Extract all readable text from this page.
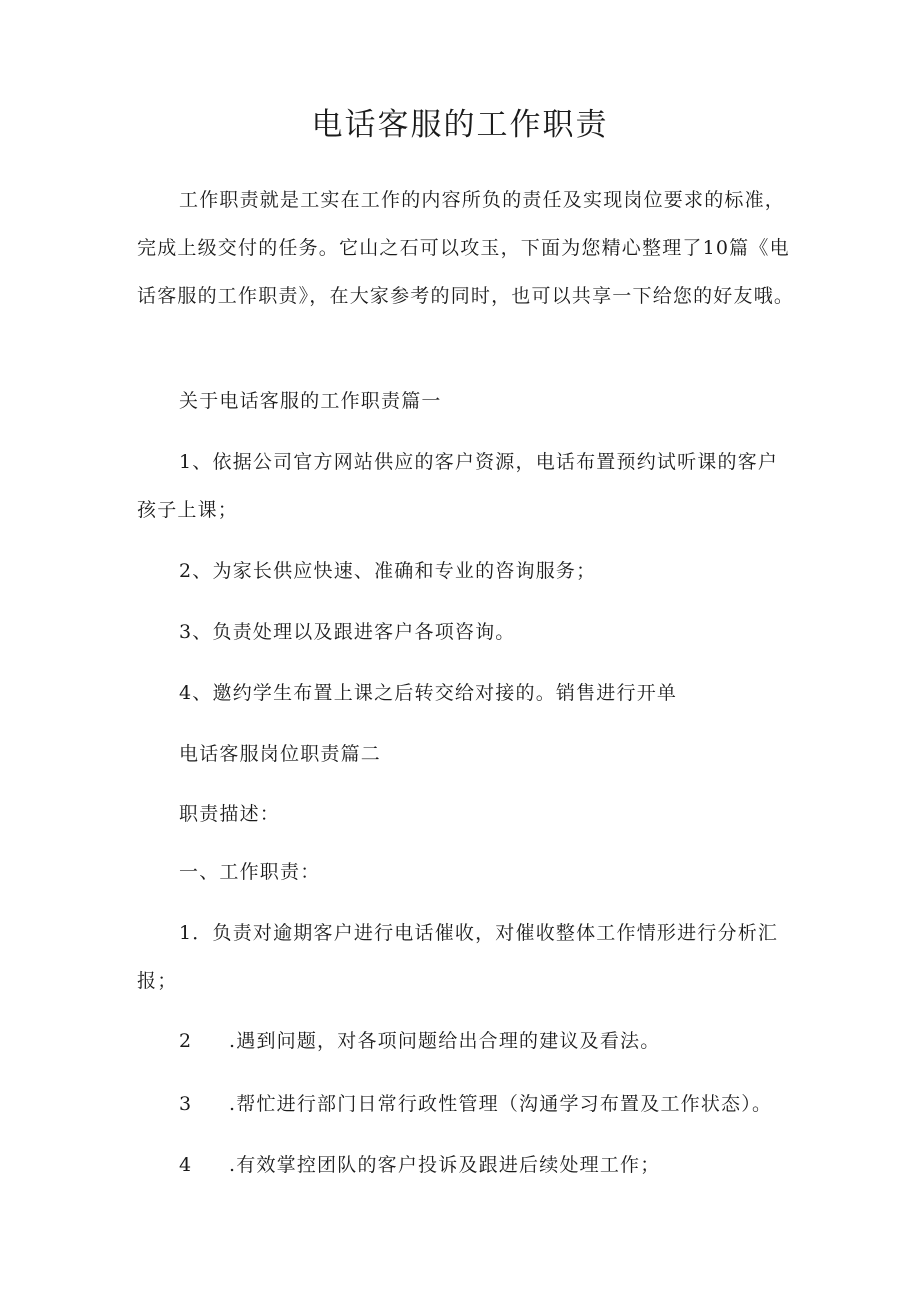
电话客服的工作职责

工作职责就是工实在工作的内容所负的责任及实现岗位要求的标准，完成上级交付的任务。它山之石可以攻玉，下面为您精心整理了10篇《电话客服的工作职责》，在大家参考的同时，也可以共享一下给您的好友哦。

关于电话客服的工作职责篇一

1、依据公司官方网站供应的客户资源，电话布置预约试听课的客户

孩子上课；

2、为家长供应快速、准确和专业的咨询服务；

3、负责处理以及跟进客户各项咨询。

4、邀约学生布置上课之后转交给对接的。销售进行开单

电话客服岗位职责篇二

职责描述：

一、工作职责：

1．负责对逾期客户进行电话催收，对催收整体工作情形进行分析汇

报；

2 .遇到问题，对各项问题给出合理的建议及看法。

3 .帮忙进行部门日常行政性管理（沟通学习布置及工作状态）。

4 .有效掌控团队的客户投诉及跟进后续处理工作；
